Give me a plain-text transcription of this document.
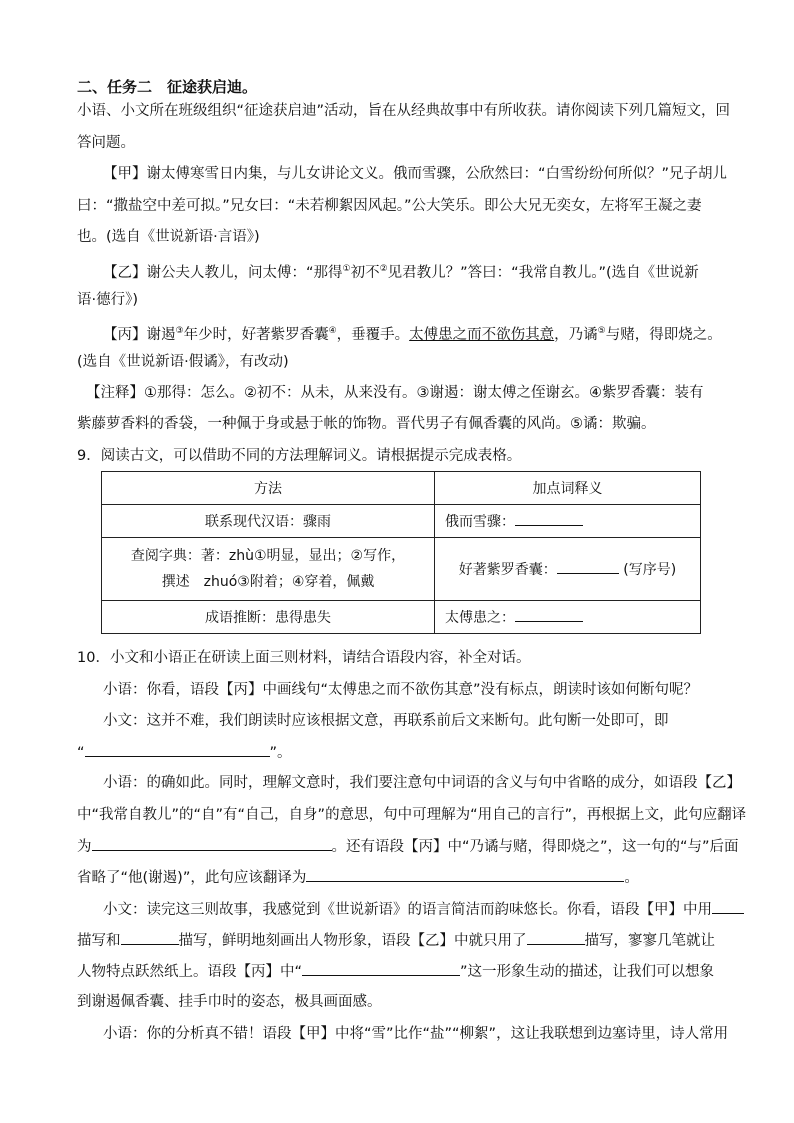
二、任务二　征途获启迪。
小语、小文所在班级组织“征途获启迪”活动，旨在从经典故事中有所收获。请你阅读下列几篇短文，回
答问题。
【甲】谢太傅寒雪日内集，与儿女讲论文义。俄而雪骤，公欣然曰：“白雪纷纷何所似？”兄子胡儿
曰：“撒盐空中差可拟。”兄女曰：“未若柳絮因风起。”公大笑乐。即公大兄无奕女，左将军王凝之妻
也。(选自《世说新语·言语》)
【乙】谢公夫人教儿，问太傅：“那得①初不②见君教儿？”答曰：“我常自教儿。”(选自《世说新
语·德行》)
【丙】谢遏③年少时，好著紫罗香囊④，垂覆手。太傅患之而不欲伤其意，乃谲⑤与赌，得即烧之。
(选自《世说新语·假谲》，有改动)
【注释】①那得：怎么。②初不：从未，从来没有。③谢遏：谢太傅之侄谢玄。④紫罗香囊：装有
紫藤萝香料的香袋，一种佩于身或悬于帐的饰物。晋代男子有佩香囊的风尚。⑤谲：欺骗。
9．阅读古文，可以借助不同的方法理解词义。请根据提示完成表格。
方法	加点词释义
联系现代汉语：骤雨	俄而雪骤：

查阅字典：著：zhù①明显，显出；②写作，
撰述　zhuó③附着；④穿着，佩戴	好著紫罗香囊： (写序号)
成语推断：患得患失	太傅患之：
10．小文和小语正在研读上面三则材料，请结合语段内容，补全对话。
小语：你看，语段【丙】中画线句“太傅患之而不欲伤其意”没有标点，朗读时该如何断句呢？
小文：这并不难，我们朗读时应该根据文意，再联系前后文来断句。此句断一处即可，即
“	”。
小语：的确如此。同时，理解文意时，我们要注意句中词语的含义与句中省略的成分，如语段【乙】
中“我常自教儿”的“自”有“自己，自身”的意思，句中可理解为“用自己的言行”，再根据上文，此句应翻译
为	。还有语段【丙】中“乃谲与赌，得即烧之”，这一句的“与”后面
省略了“他(谢遏)”，此句应该翻译为	。
小文：读完这三则故事，我感觉到《世说新语》的语言简洁而韵味悠长。你看，语段【甲】中用
描写和	描写，鲜明地刻画出人物形象，语段【乙】中就只用了	描写，寥寥几笔就让
人物特点跃然纸上。语段【丙】中“	”这一形象生动的描述，让我们可以想象
到谢遏佩香囊、挂手巾时的姿态，极具画面感。
小语：你的分析真不错！语段【甲】中将“雪”比作“盐”“柳絮”，这让我联想到边塞诗里，诗人常用
